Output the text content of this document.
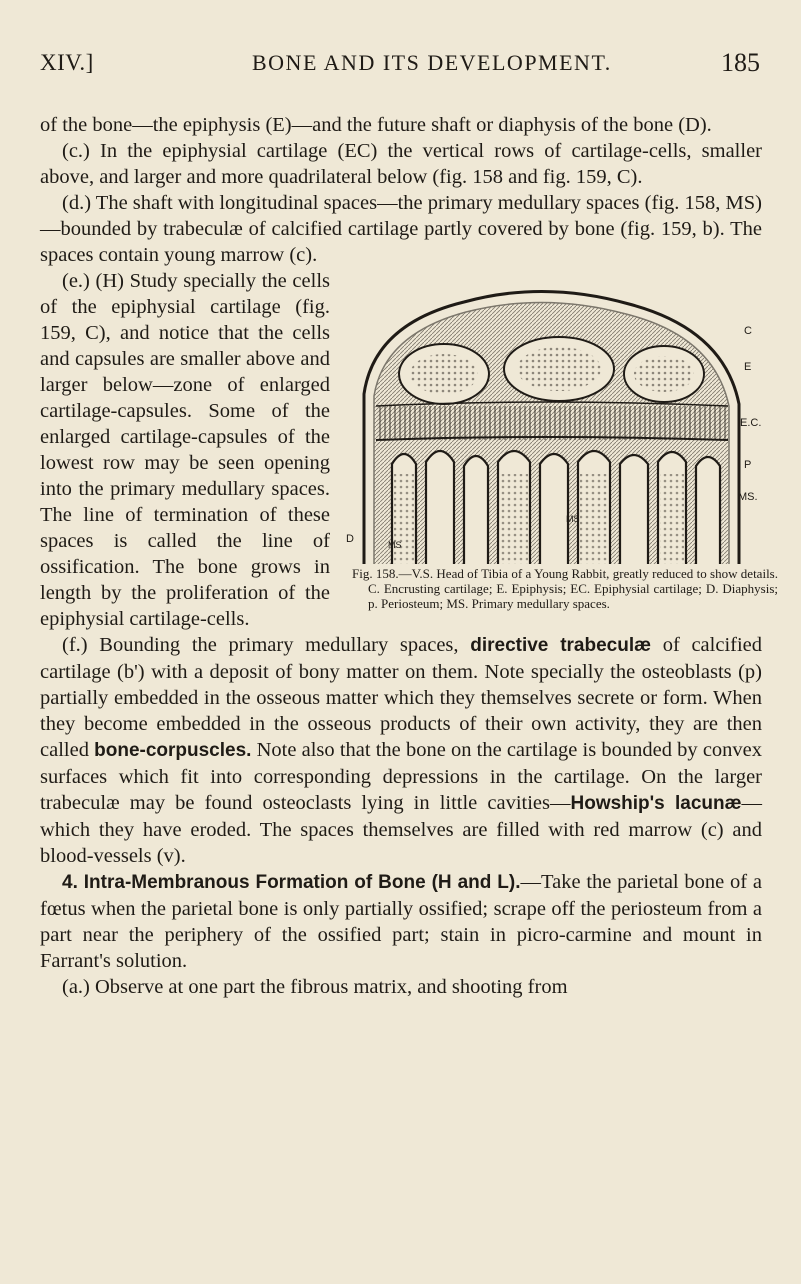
XIV.]	BONE AND ITS DEVELOPMENT.	185

of the bone—the epiphysis (E)—and the future shaft or diaphysis of the bone (D).

(c.) In the epiphysial cartilage (EC) the vertical rows of cartilage-cells, smaller above, and larger and more quadrilateral below (fig. 158 and fig. 159, C).

(d.) The shaft with longitudinal spaces—the primary medullary spaces (fig. 158, MS)—bounded by trabeculæ of calcified cartilage partly covered by bone (fig. 159, b). The spaces contain young marrow (c).

C
E
E.C.
P
MS.
D	MS
MS
Fig. 158.—V.S. Head of Tibia of a Young Rabbit, greatly reduced to show details. C. Encrusting cartilage; E. Epiphysis; EC. Epiphysial cartilage; D. Diaphysis; p. Periosteum; MS. Primary medullary spaces.

(e.) (H) Study specially the cells of the epiphysial cartilage (fig. 159, C), and notice that the cells and capsules are smaller above and larger below—zone of enlarged cartilage-capsules. Some of the enlarged cartilage-capsules of the lowest row may be seen opening into the primary medullary spaces. The line of termination of these spaces is called the line of ossification. The bone grows in length by the proliferation of the epiphysial cartilage-cells.

(f.) Bounding the primary medullary spaces, directive trabeculæ of calcified cartilage (b') with a deposit of bony matter on them. Note specially the osteoblasts (p) partially embedded in the osseous matter which they themselves secrete or form. When they become embedded in the osseous products of their own activity, they are then called bone-corpuscles. Note also that the bone on the cartilage is bounded by convex surfaces which fit into corresponding depressions in the cartilage. On the larger trabeculæ may be found osteoclasts lying in little cavities—Howship's lacunæ—which they have eroded. The spaces themselves are filled with red marrow (c) and blood-vessels (v).

4. Intra-Membranous Formation of Bone (H and L).—Take the parietal bone of a fœtus when the parietal bone is only partially ossified; scrape off the periosteum from a part near the periphery of the ossified part; stain in picro-carmine and mount in Farrant's solution.

(a.) Observe at one part the fibrous matrix, and shooting from
